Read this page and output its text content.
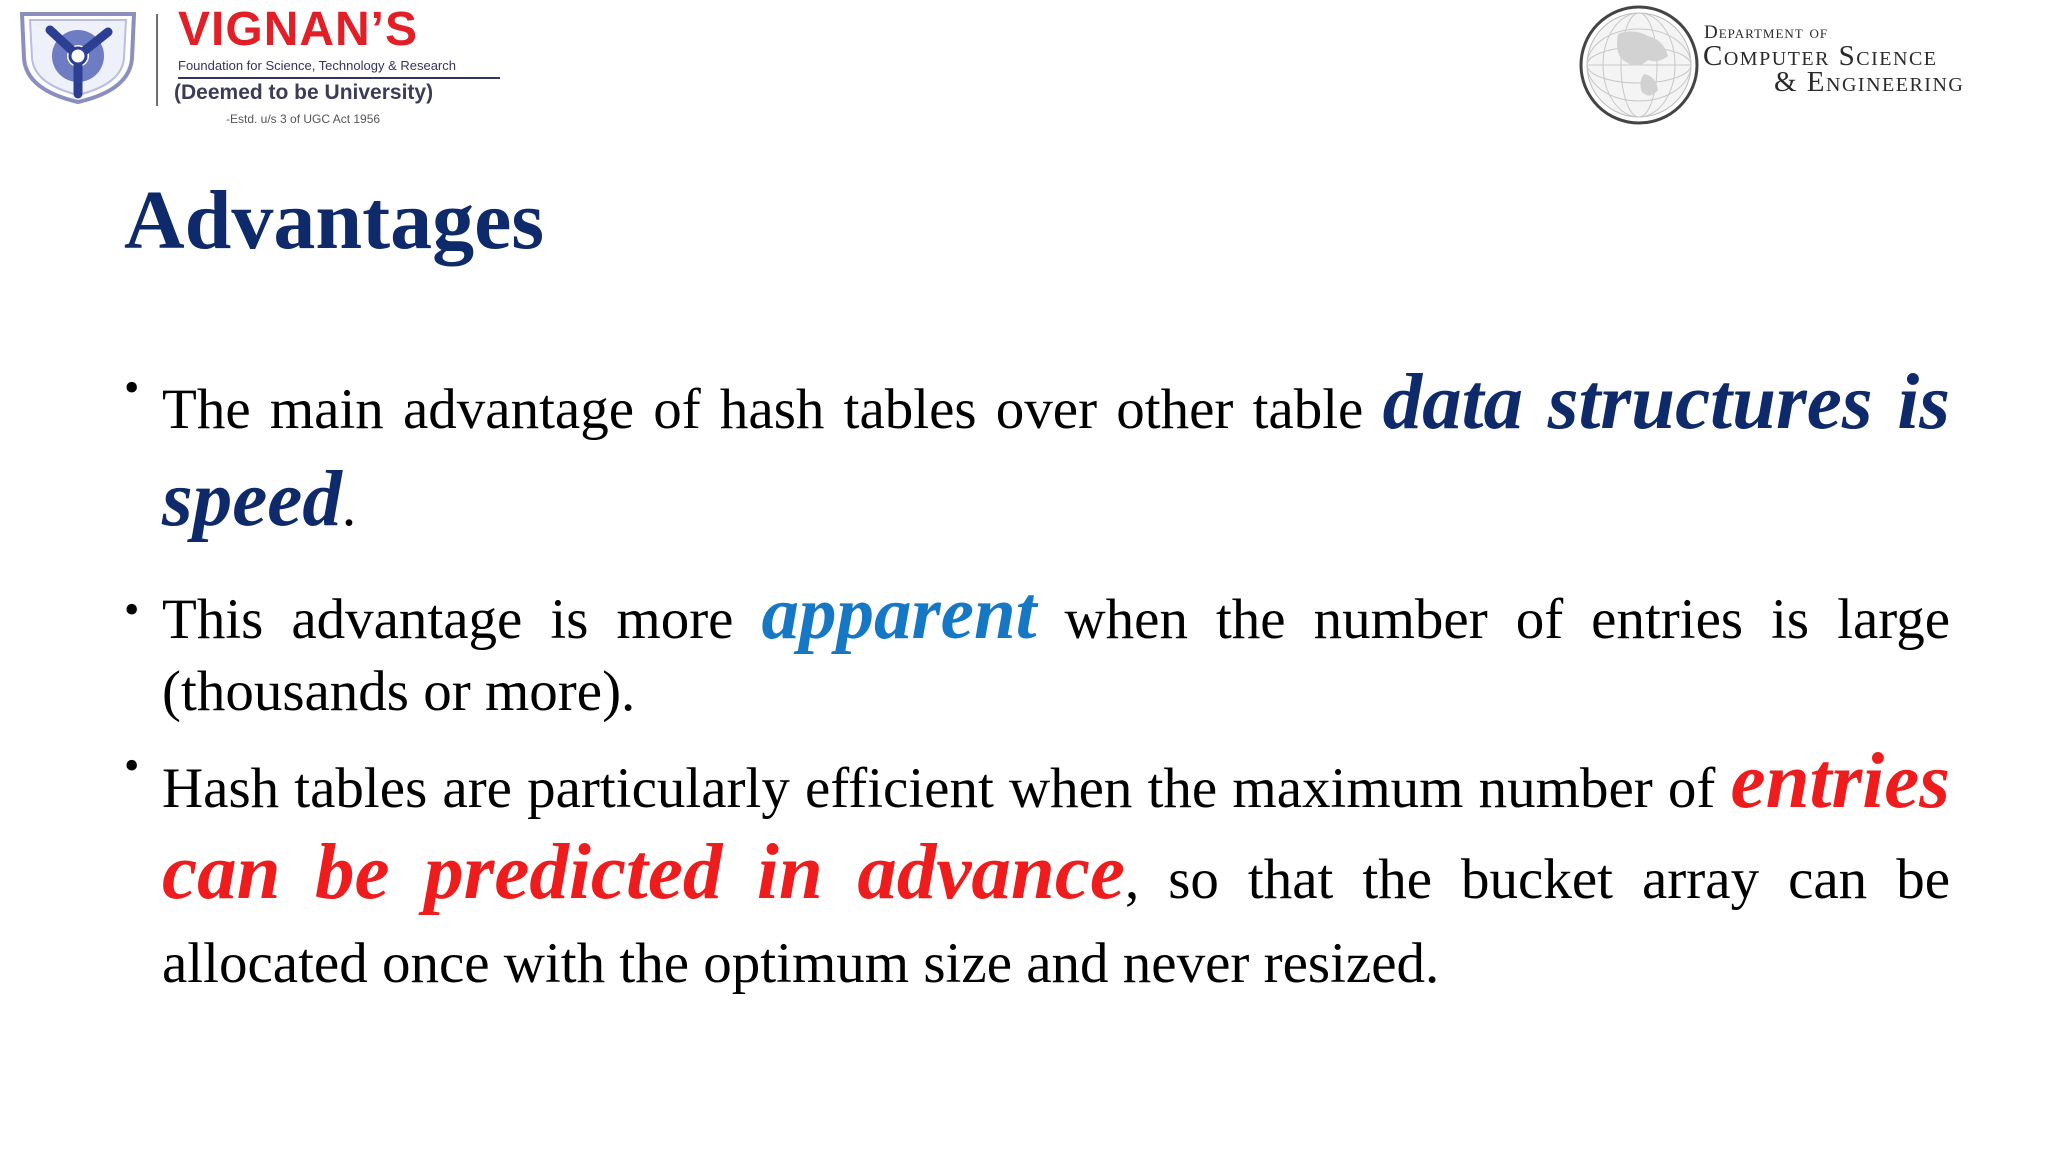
VIGNAN’S
Foundation for Science, Technology & Research
(Deemed to be University)
-Estd. u/s 3 of UGC Act 1956
Department of
Computer Science
& Engineering
Advantages
• The main advantage of hash tables over other table data structures is speed.
• This advantage is more apparent when the number of entries is large (thousands or more).
• Hash tables are particularly efficient when the maximum number of entries can be predicted in advance, so that the bucket array can be allocated once with the optimum size and never resized.
